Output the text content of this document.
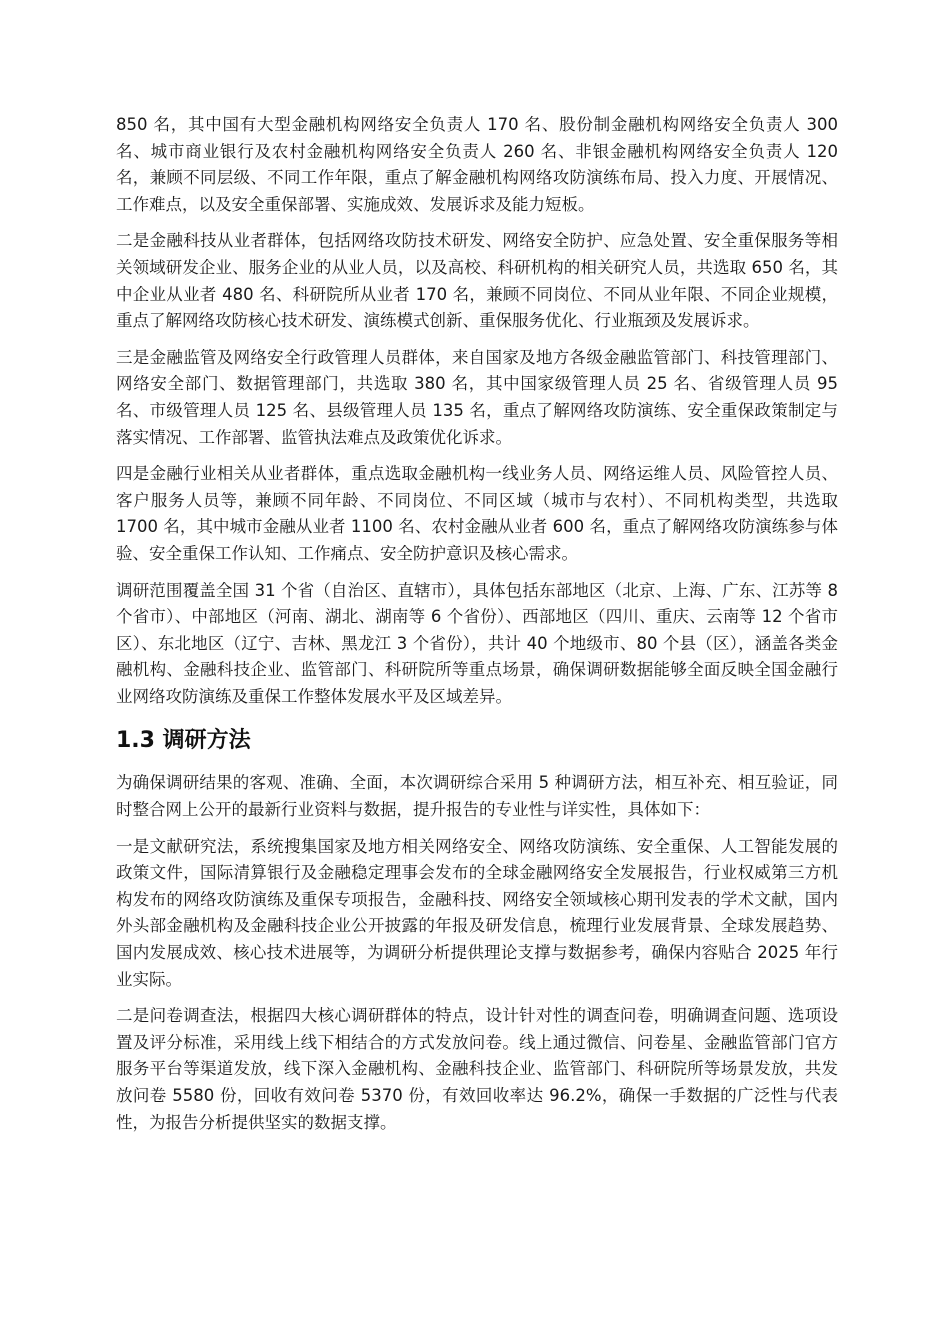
850 名，其中国有大型金融机构网络安全负责人 170 名、股份制金融机构网络安全负责人 300 名、城市商业银行及农村金融机构网络安全负责人 260 名、非银金融机构网络安全负责人 120 名，兼顾不同层级、不同工作年限，重点了解金融机构网络攻防演练布局、投入力度、开展情况、工作难点，以及安全重保部署、实施成效、发展诉求及能力短板。

二是金融科技从业者群体，包括网络攻防技术研发、网络安全防护、应急处置、安全重保服务等相关领域研发企业、服务企业的从业人员，以及高校、科研机构的相关研究人员，共选取 650 名，其中企业从业者 480 名、科研院所从业者 170 名，兼顾不同岗位、不同从业年限、不同企业规模，重点了解网络攻防核心技术研发、演练模式创新、重保服务优化、行业瓶颈及发展诉求。

三是金融监管及网络安全行政管理人员群体，来自国家及地方各级金融监管部门、科技管理部门、网络安全部门、数据管理部门，共选取 380 名，其中国家级管理人员 25 名、省级管理人员 95 名、市级管理人员 125 名、县级管理人员 135 名，重点了解网络攻防演练、安全重保政策制定与落实情况、工作部署、监管执法难点及政策优化诉求。

四是金融行业相关从业者群体，重点选取金融机构一线业务人员、网络运维人员、风险管控人员、客户服务人员等，兼顾不同年龄、不同岗位、不同区域（城市与农村）、不同机构类型，共选取 1700 名，其中城市金融从业者 1100 名、农村金融从业者 600 名，重点了解网络攻防演练参与体验、安全重保工作认知、工作痛点、安全防护意识及核心需求。

调研范围覆盖全国 31 个省（自治区、直辖市），具体包括东部地区（北京、上海、广东、江苏等 8 个省市）、中部地区（河南、湖北、湖南等 6 个省份）、西部地区（四川、重庆、云南等 12 个省市区）、东北地区（辽宁、吉林、黑龙江 3 个省份），共计 40 个地级市、80 个县（区），涵盖各类金融机构、金融科技企业、监管部门、科研院所等重点场景，确保调研数据能够全面反映全国金融行业网络攻防演练及重保工作整体发展水平及区域差异。

1.3 调研方法

为确保调研结果的客观、准确、全面，本次调研综合采用 5 种调研方法，相互补充、相互验证，同时整合网上公开的最新行业资料与数据，提升报告的专业性与详实性，具体如下：

一是文献研究法，系统搜集国家及地方相关网络安全、网络攻防演练、安全重保、人工智能发展的政策文件，国际清算银行及金融稳定理事会发布的全球金融网络安全发展报告，行业权威第三方机构发布的网络攻防演练及重保专项报告，金融科技、网络安全领域核心期刊发表的学术文献，国内外头部金融机构及金融科技企业公开披露的年报及研发信息，梳理行业发展背景、全球发展趋势、国内发展成效、核心技术进展等，为调研分析提供理论支撑与数据参考，确保内容贴合 2025 年行业实际。

二是问卷调查法，根据四大核心调研群体的特点，设计针对性的调查问卷，明确调查问题、选项设置及评分标准，采用线上线下相结合的方式发放问卷。线上通过微信、问卷星、金融监管部门官方服务平台等渠道发放，线下深入金融机构、金融科技企业、监管部门、科研院所等场景发放，共发放问卷 5580 份，回收有效问卷 5370 份，有效回收率达 96.2%，确保一手数据的广泛性与代表性，为报告分析提供坚实的数据支撑。
